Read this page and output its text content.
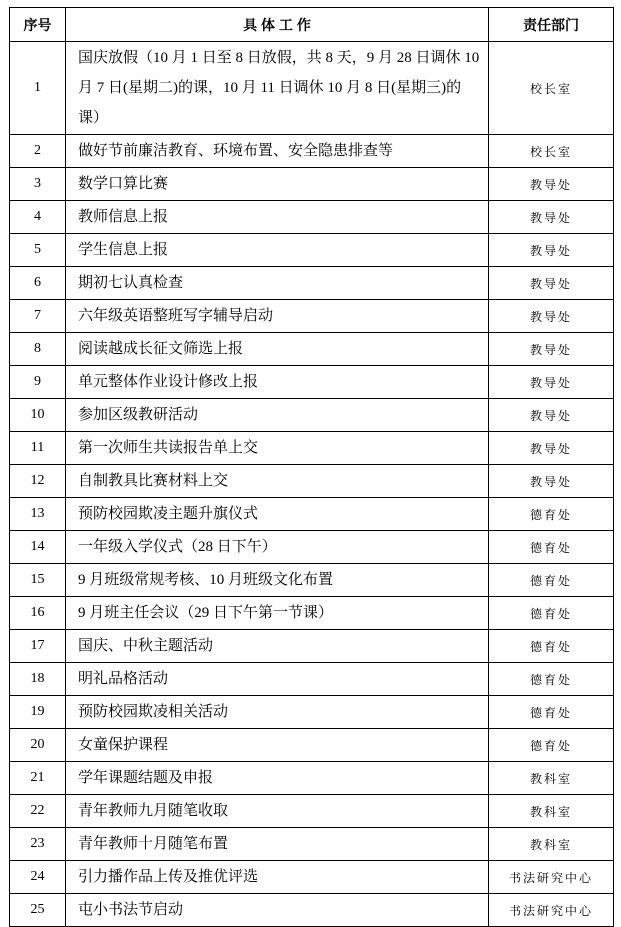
序号	具 体 工 作	责任部门
1	国庆放假（10 月 1 日至 8 日放假，共 8 天，9 月 28 日调休 10 月 7 日(星期二)的课，10 月 11 日调休 10 月 8 日(星期三)的课）	校长室
2	做好节前廉洁教育、环境布置、安全隐患排查等	校长室
3	数学口算比赛	教导处
4	教师信息上报	教导处
5	学生信息上报	教导处
6	期初七认真检查	教导处
7	六年级英语整班写字辅导启动	教导处
8	阅读越成长征文筛选上报	教导处
9	单元整体作业设计修改上报	教导处
10	参加区级教研活动	教导处
11	第一次师生共读报告单上交	教导处
12	自制教具比赛材料上交	教导处
13	预防校园欺凌主题升旗仪式	德育处
14	一年级入学仪式（28 日下午）	德育处
15	9 月班级常规考核、10 月班级文化布置	德育处
16	9 月班主任会议（29 日下午第一节课）	德育处
17	国庆、中秋主题活动	德育处
18	明礼品格活动	德育处
19	预防校园欺凌相关活动	德育处
20	女童保护课程	德育处
21	学年课题结题及申报	教科室
22	青年教师九月随笔收取	教科室
23	青年教师十月随笔布置	教科室
24	引力播作品上传及推优评选	书法研究中心
25	屯小书法节启动	书法研究中心
